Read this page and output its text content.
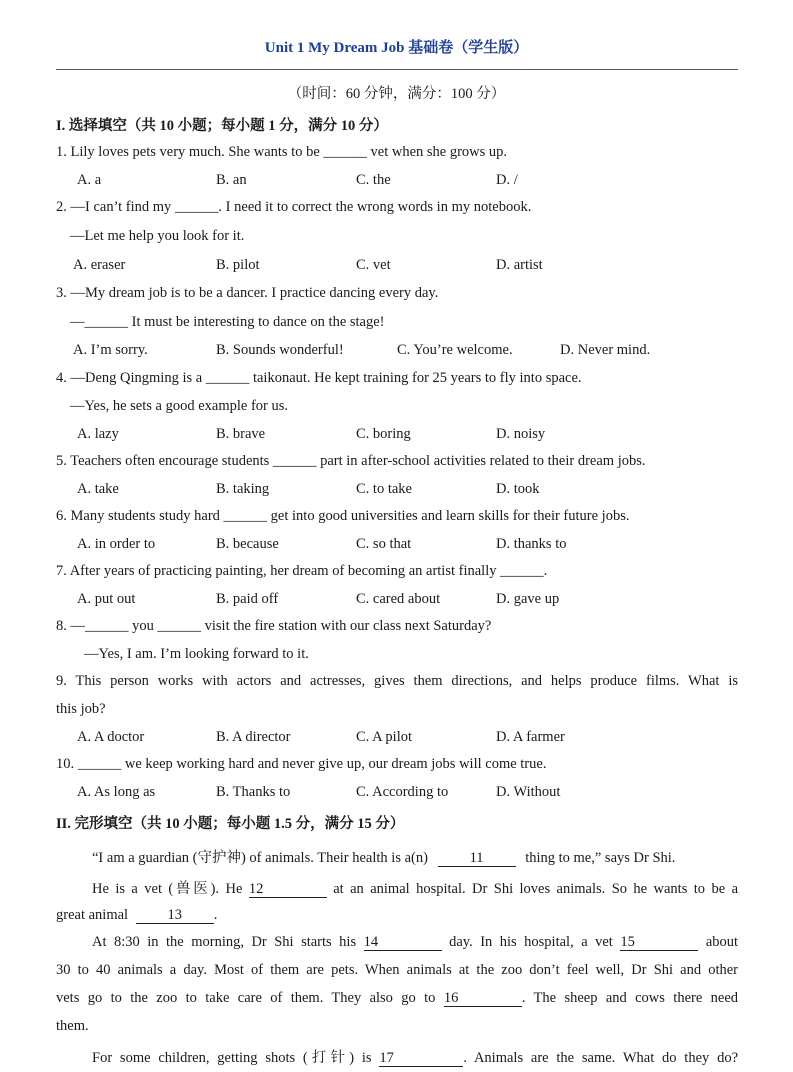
Unit 1 My Dream Job 基础卷（学生版）
（时间：60 分钟，满分：100 分）
I. 选择填空（共 10 小题；每小题 1 分，满分 10 分）
1. Lily loves pets very much. She wants to be ______ vet when she grows up.
A. a	B. an	C. the	D. /
2. —I can’t find my ______. I need it to correct the wrong words in my notebook.
—Let me help you look for it.
A. eraser	B. pilot	C. vet	D. artist
3. —My dream job is to be a dancer. I practice dancing every day.
—______ It must be interesting to dance on the stage!
A. I’m sorry.	B. Sounds wonderful!	C. You’re welcome.	D. Never mind.
4. —Deng Qingming is a ______ taikonaut. He kept training for 25 years to fly into space.
—Yes, he sets a good example for us.
A. lazy	B. brave	C. boring	D. noisy
5. Teachers often encourage students ______ part in after-school activities related to their dream jobs.
A. take	B. taking	C. to take	D. took
6. Many students study hard ______ get into good universities and learn skills for their future jobs.
A. in order to	B. because	C. so that	D. thanks to
7. After years of practicing painting, her dream of becoming an artist finally ______.
A. put out	B. paid off	C. cared about	D. gave up
8. —______ you ______ visit the fire station with our class next Saturday?
—Yes, I am. I’m looking forward to it.
9. This person works with actors and actresses, gives them directions, and helps produce films. What is
this job?
A. A doctor	B. A director	C. A pilot	D. A farmer
10. ______ we keep working hard and never give up, our dream jobs will come true.
A. As long as	B. Thanks to	C. According to	D. Without
II. 完形填空（共 10 小题；每小题 1.5 分，满分 15 分）
“I am a guardian (守护神) of animals. Their health is a(n)	11	thing to me,” says Dr Shi.
He is a vet (兽医). He 12	at an animal hospital. Dr Shi loves animals. So he wants to be a
great animal	13 .
At 8:30 in the morning, Dr Shi starts his 14	day. In his hospital, a vet 15	about
30 to 40 animals a day. Most of them are pets. When animals at the zoo don’t feel well, Dr Shi and other
vets go to the zoo to take care of them. They also go to 16	. The sheep and cows there need
them.
For some children, getting shots (打针) is 17	. Animals are the same. What do they do?
